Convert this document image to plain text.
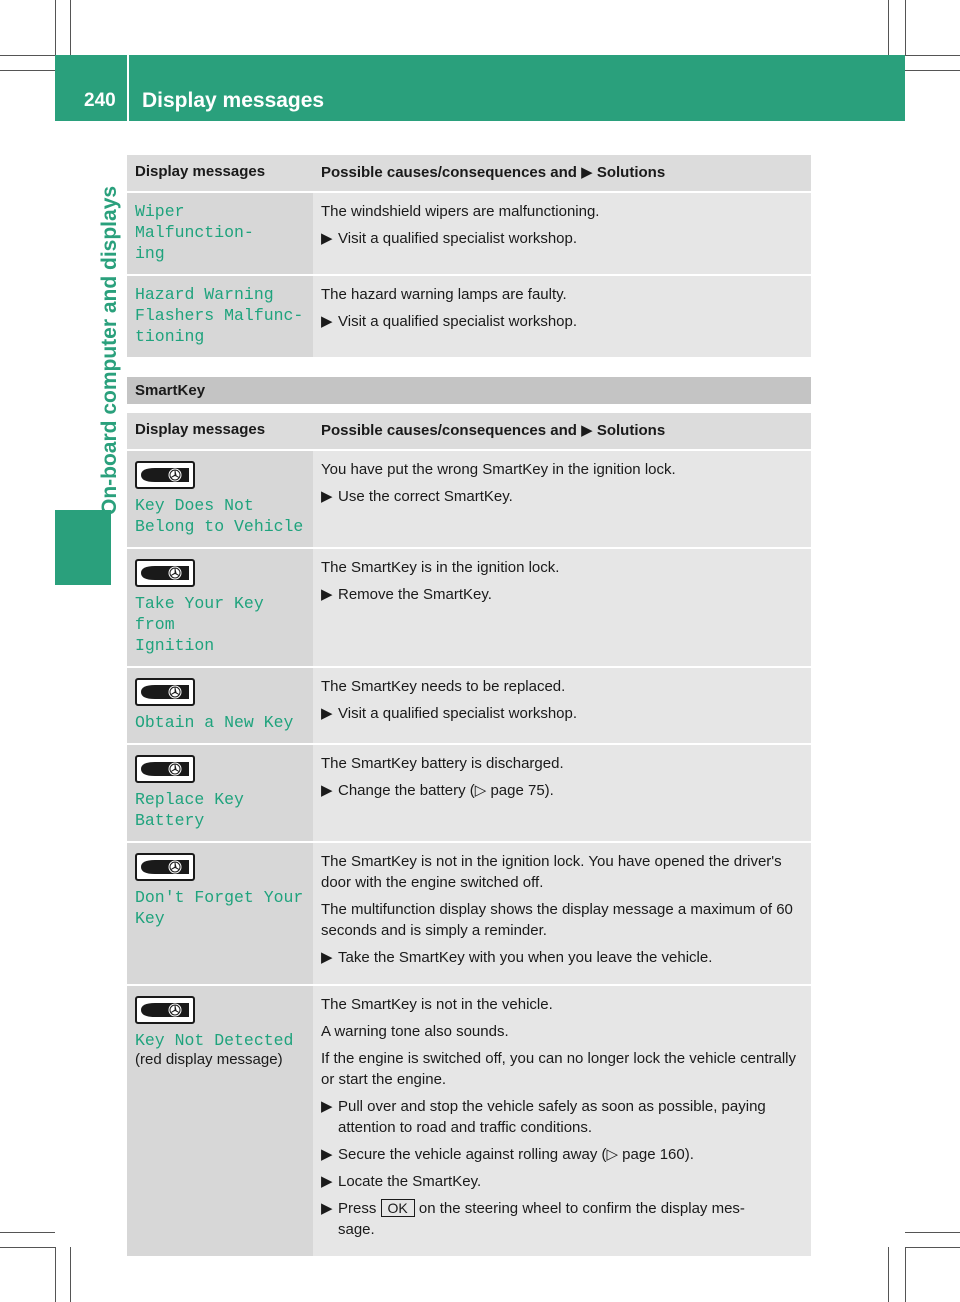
240 Display messages
On-board computer and displays
Display messages	Possible causes/consequences and ▶ Solutions
Wiper Malfunction-
ing

The windshield wipers are malfunctioning.

▶ Visit a qualified specialist workshop.

Hazard Warning
Flashers Malfunc-
tioning

The hazard warning lamps are faulty.

▶ Visit a qualified specialist workshop.

SmartKey
Display messages	Possible causes/consequences and ▶ Solutions
Key Does Not
Belong to Vehicle

You have put the wrong SmartKey in the ignition lock.

▶ Use the correct SmartKey.

Take Your Key from
Ignition

The SmartKey is in the ignition lock.

▶ Remove the SmartKey.

Obtain a New Key

The SmartKey needs to be replaced.

▶ Visit a qualified specialist workshop.

Replace Key Battery

The SmartKey battery is discharged.

▶ Change the battery (▷ page 75).

Don't Forget Your
Key

The SmartKey is not in the ignition lock. You have opened the driver's door with the engine switched off.

The multifunction display shows the display message a maximum of 60 seconds and is simply a reminder.

▶ Take the SmartKey with you when you leave the vehicle.

Key Not Detected
(red display message)

The SmartKey is not in the vehicle.

A warning tone also sounds.

If the engine is switched off, you can no longer lock the vehicle centrally or start the engine.

▶ Pull over and stop the vehicle safely as soon as possible, paying attention to road and traffic conditions.

▶ Secure the vehicle against rolling away (▷ page 160).

▶ Locate the SmartKey.

▶ Press OK on the steering wheel to confirm the display mes-
sage.
